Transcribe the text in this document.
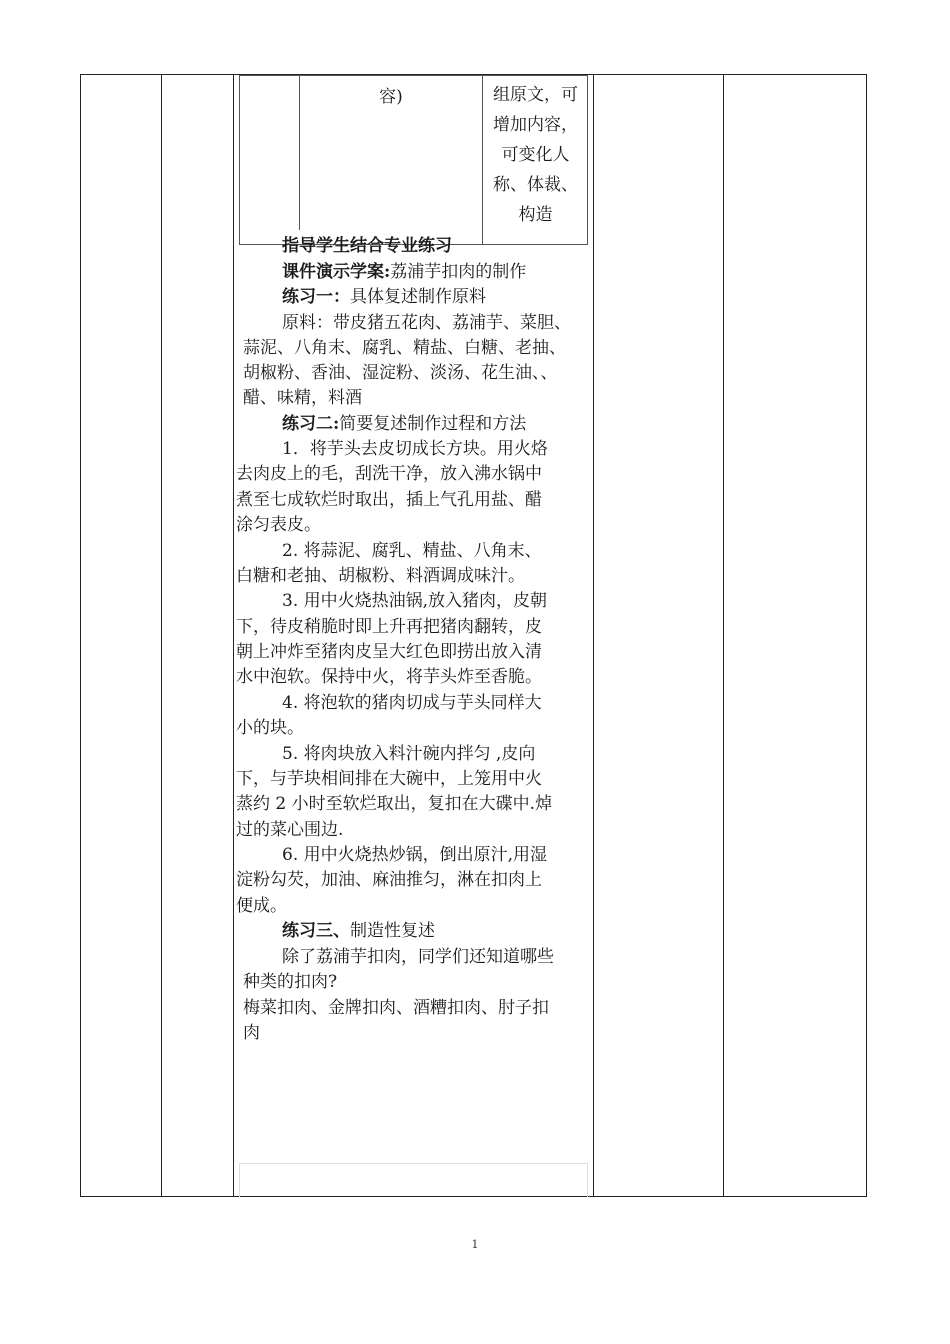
容)	组原文，可
增加内容，
可变化人
称、体裁、
构造
指导学生结合专业练习
课件演示学案:荔浦芋扣肉的制作
练习一：具体复述制作原料
原料：带皮猪五花肉、荔浦芋、菜胆、
蒜泥、八角末、腐乳、精盐、白糖、老抽、
胡椒粉、香油、湿淀粉、淡汤、花生油、、
醋、味精，料酒
练习二:简要复述制作过程和方法
1．将芋头去皮切成长方块。用火烙
去肉皮上的毛，刮洗干净，放入沸水锅中
煮至七成软烂时取出，插上气孔用盐、醋
涂匀表皮。
2. 将蒜泥、腐乳、精盐、八角末、
白糖和老抽、胡椒粉、料酒调成味汁。
3. 用中火烧热油锅,放入猪肉，皮朝
下，待皮稍脆时即上升再把猪肉翻转，皮
朝上冲炸至猪肉皮呈大红色即捞出放入清
水中泡软。保持中火，将芋头炸至香脆。
4. 将泡软的猪肉切成与芋头同样大
小的块。
5. 将肉块放入料汁碗内拌匀 ,皮向
下，与芋块相间排在大碗中，上笼用中火
蒸约 2 小时至软烂取出，复扣在大碟中.焯
过的菜心围边.
6. 用中火烧热炒锅，倒出原汁,用湿
淀粉勾芡，加油、麻油推匀，淋在扣肉上
便成。
练习三、制造性复述
除了荔浦芋扣肉，同学们还知道哪些
种类的扣肉?
梅菜扣肉、金牌扣肉、酒糟扣肉、肘子扣
肉
1
